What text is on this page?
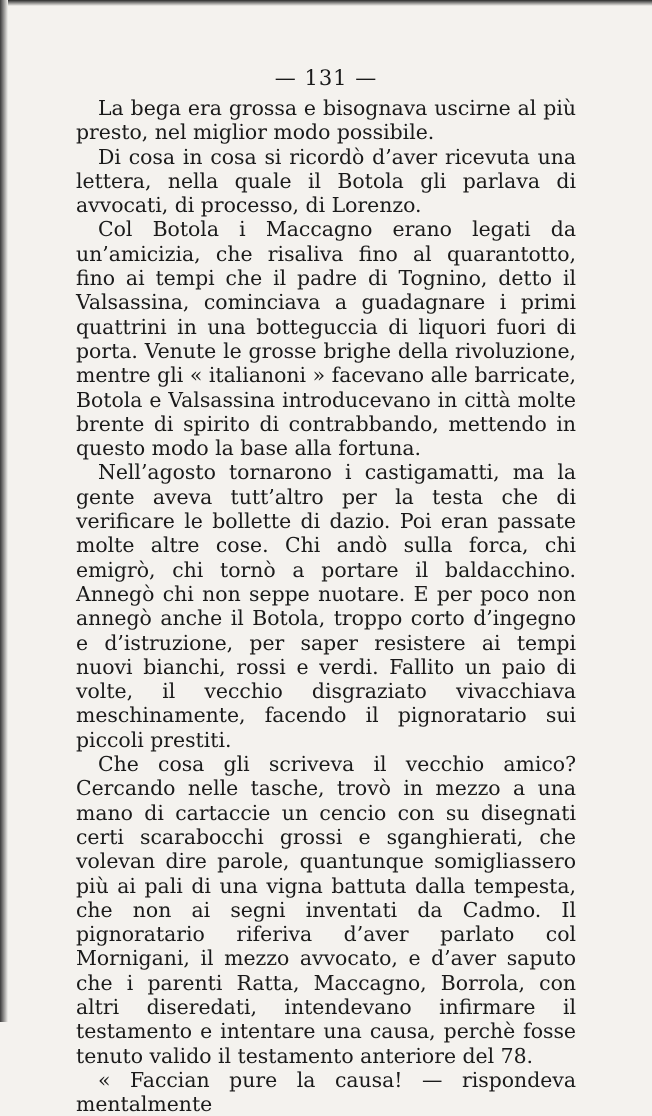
— 131 —

La bega era grossa e bisognava uscirne al più presto, nel miglior modo possibile.

Di cosa in cosa si ricordò d’aver ricevuta una lettera, nella quale il Botola gli parlava di avvocati, di processo, di Lorenzo.

Col Botola i Maccagno erano legati da un’amicizia, che risaliva fino al quarantotto, fino ai tempi che il padre di Tognino, detto il Valsassina, cominciava a guadagnare i primi quattrini in una botteguccia di liquori fuori di porta. Venute le grosse brighe della rivoluzione, mentre gli « italianoni » facevano alle barricate, Botola e Valsassina introducevano in città molte brente di spirito di contrabbando, mettendo in questo modo la base alla fortuna.

Nell’agosto tornarono i castigamatti, ma la gente aveva tutt’altro per la testa che di verificare le bollette di dazio. Poi eran passate molte altre cose. Chi andò sulla forca, chi emigrò, chi tornò a portare il baldacchino. Annegò chi non seppe nuotare. E per poco non annegò anche il Botola, troppo corto d’ingegno e d’istruzione, per saper resistere ai tempi nuovi bianchi, rossi e verdi. Fallito un paio di volte, il vecchio disgraziato vivacchiava meschinamente, facendo il pignoratario sui piccoli prestiti.

Che cosa gli scriveva il vecchio amico? Cercando nelle tasche, trovò in mezzo a una mano di cartaccie un cencio con su disegnati certi scarabocchi grossi e sganghierati, che volevan dire parole, quantunque somigliassero più ai pali di una vigna battuta dalla tempesta, che non ai segni inventati da Cadmo. Il pignoratario riferiva d’aver parlato col Mornigani, il mezzo avvocato, e d’aver saputo che i parenti Ratta, Maccagno, Borrola, con altri diseredati, intendevano infirmare il testamento e intentare una causa, perchè fosse tenuto valido il testamento anteriore del 78.

« Faccian pure la causa! — rispondeva mentalmente
